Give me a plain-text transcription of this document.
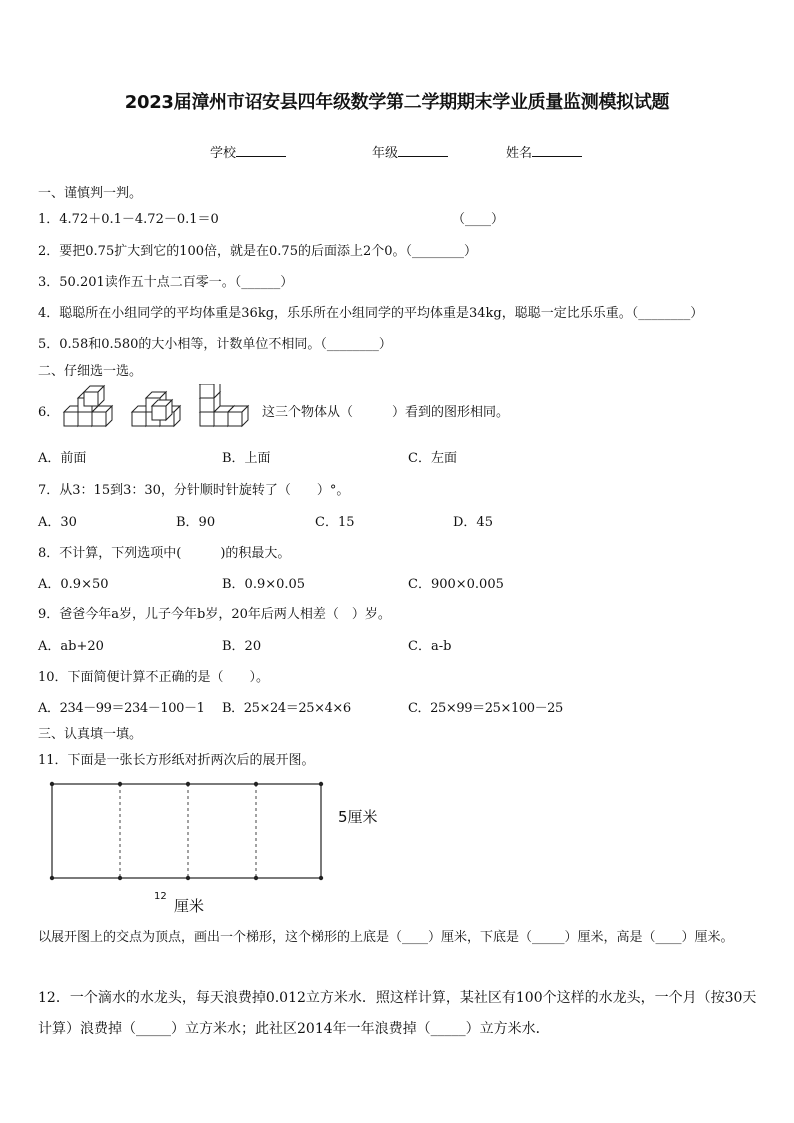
2023届漳州市诏安县四年级数学第二学期期末学业质量监测模拟试题
学校	年级	姓名
一、谨慎判一判。
1．4.72＋0.1－4.72－0.1＝0	（____）
2．要把0.75扩大到它的100倍，就是在0.75的后面添上2个0。（________）
3．50.201读作五十点二百零一。（______）
4．聪聪所在小组同学的平均体重是36kg，乐乐所在小组同学的平均体重是34kg，聪聪一定比乐乐重。（________）
5．0.58和0.580的大小相等，计数单位不相同。（________）
二、仔细选一选。
6．	这三个物体从（　　　）看到的图形相同。
A．前面	B．上面	C．左面
7．从3：15到3：30，分针顺时针旋转了（　　）°。
A．30	B．90	C．15	D．45
8．不计算，下列选项中(　　　)的积最大。
A．0.9×50	B．0.9×0.05	C．900×0.005
9．爸爸今年a岁，儿子今年b岁，20年后两人相差（　）岁。
A．ab+20	B．20	C．a-b
10．下面简便计算不正确的是（　　）。
A．234－99＝234－100－1 B．25×24＝25×4×6	C．25×99＝25×100－25
三、认真填一填。
11．下面是一张长方形纸对折两次后的展开图。
5厘米
12
厘米
以展开图上的交点为顶点，画出一个梯形，这个梯形的上底是（____）厘米，下底是（_____）厘米，高是（____）厘米。
12．一个滴水的水龙头，每天浪费掉0.012立方米水．照这样计算，某社区有100个这样的水龙头，一个月（按30天计算）浪费掉（_____）立方米水；此社区2014年一年浪费掉（_____）立方米水．
